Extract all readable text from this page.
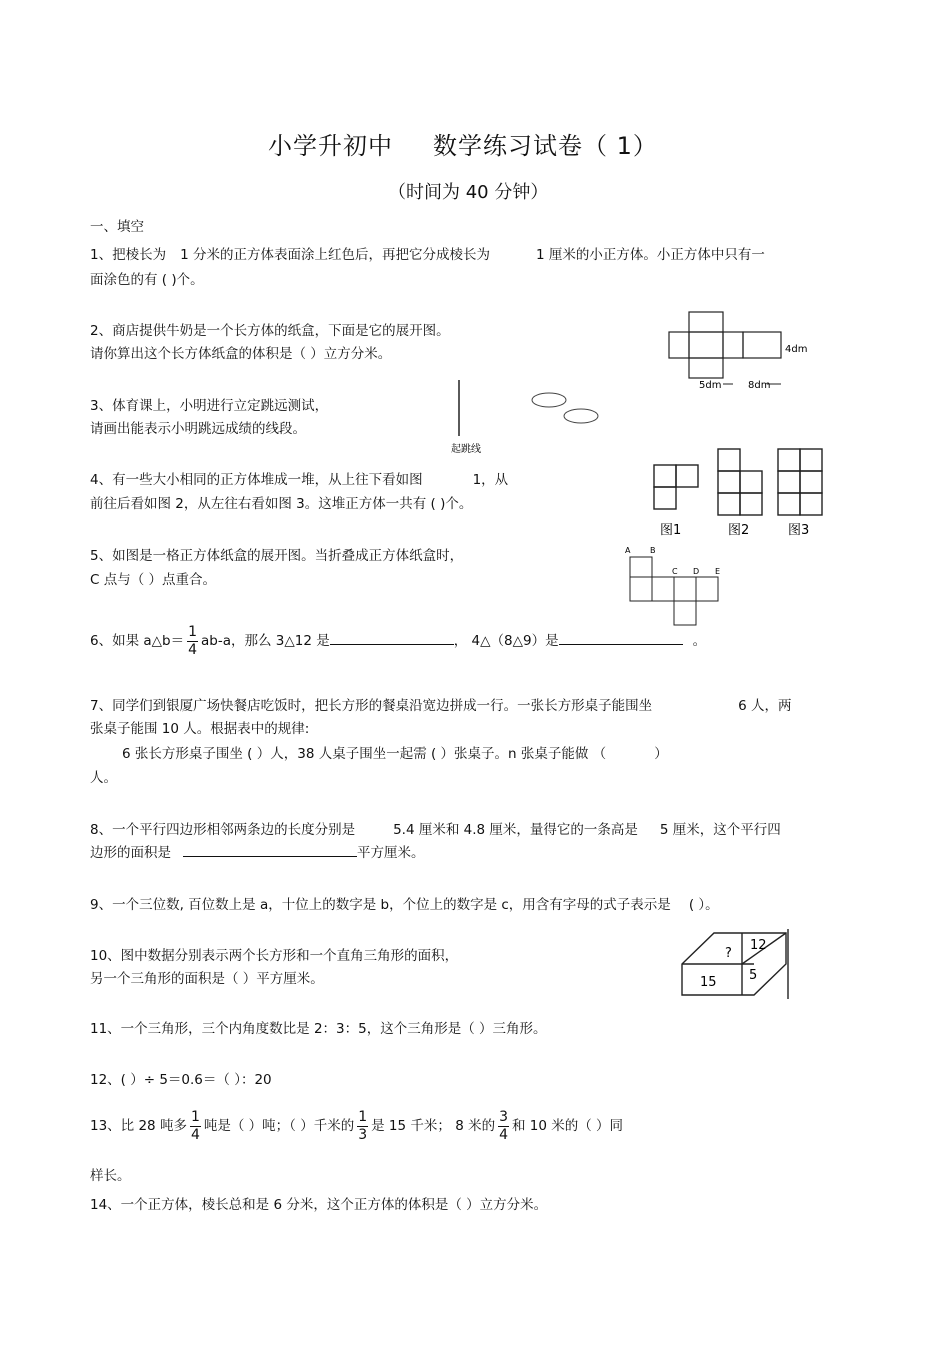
小学升初中 数学练习试卷（ 1）
（时间为 40 分钟）
一、填空
1、把棱长为 1 分米的正方体表面涂上红色后，再把它分成棱长为	1 厘米的小正方体。小正方体中只有一
面涂色的有 ( )个。
2、商店提供牛奶是一个长方体的纸盒，下面是它的展开图。
请你算出这个长方体纸盒的体积是（ ）立方分米。	4dm
5dm	8dm
3、体育课上，小明进行立定跳远测试，
请画出能表示小明跳远成绩的线段。
起跳线
4、有一些大小相同的正方体堆成一堆，从上往下看如图	1，从
前往后看如图 2，从左往右看如图 3。这堆正方体一共有 ( )个。
图1	图2	图3
5、如图是一格正方体纸盒的展开图。当折叠成正方体纸盒时，
C 点与（ ）点重合。
A B
C D E
6、如果 a△b＝ $\frac{1}{4} ab-a$，那么 3△12 是	， 4△（8△9）是	。
7、同学们到银厦广场快餐店吃饭时，把长方形的餐桌沿宽边拼成一行。一张长方形桌子能围坐	6 人，两
张桌子能围 10 人。根据表中的规律:
6 张长方形桌子围坐 ( ）人，38 人桌子围坐一起需 ( ）张桌子。n 张桌子能做 （	）
人。
8、一个平行四边形相邻两条边的长度分别是	5.4 厘米和 4.8 厘米，量得它的一条高是 5 厘米，这个平行四
边形的面积是	平方厘米。
9、一个三位数, 百位数上是 a，十位上的数字是 b，个位上的数字是 c，用含有字母的式子表示是 ( ）。
10、图中数据分别表示两个长方形和一个直角三角形的面积，
另一个三角形的面积是（ ）平方厘米。
?
12
15 5
11、一个三角形，三个内角度数比是 2：3：5，这个三角形是（ ）三角形。
12、( ）÷ 5＝0.6＝（ ）：20
13、比 28 吨多 $\frac{1}{4}$ 吨是（ ）吨；（ ）千米的 $\frac{1}{3}$ 是 15 千米； 8 米的 $\frac{3}{4}$ 和 10 米的（ ）同
样长。
14、一个正方体，棱长总和是 6 分米，这个正方体的体积是（ ）立方分米。
